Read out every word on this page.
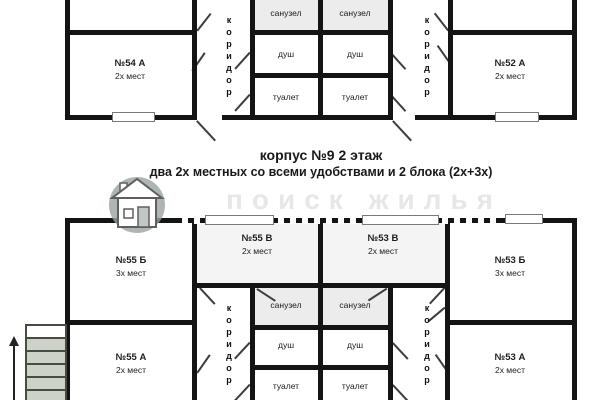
поиск жилья
корпус №9 2 этаж
два 2х местных со всеми удобствами и 2 блока (2х+3х)
№54 А
2х мест
№52 А
2х мест
№55 Б
3х мест
№55 В
2х мест
№53 В
2х мест
№53 Б
3х мест
№55 А
2х мест
№53 А
2х мест
санузел	санузел
душ	душ
туалет	туалет
санузел	санузел
душ	душ
туалет	туалет
коридор	коридор
коридор	коридор
